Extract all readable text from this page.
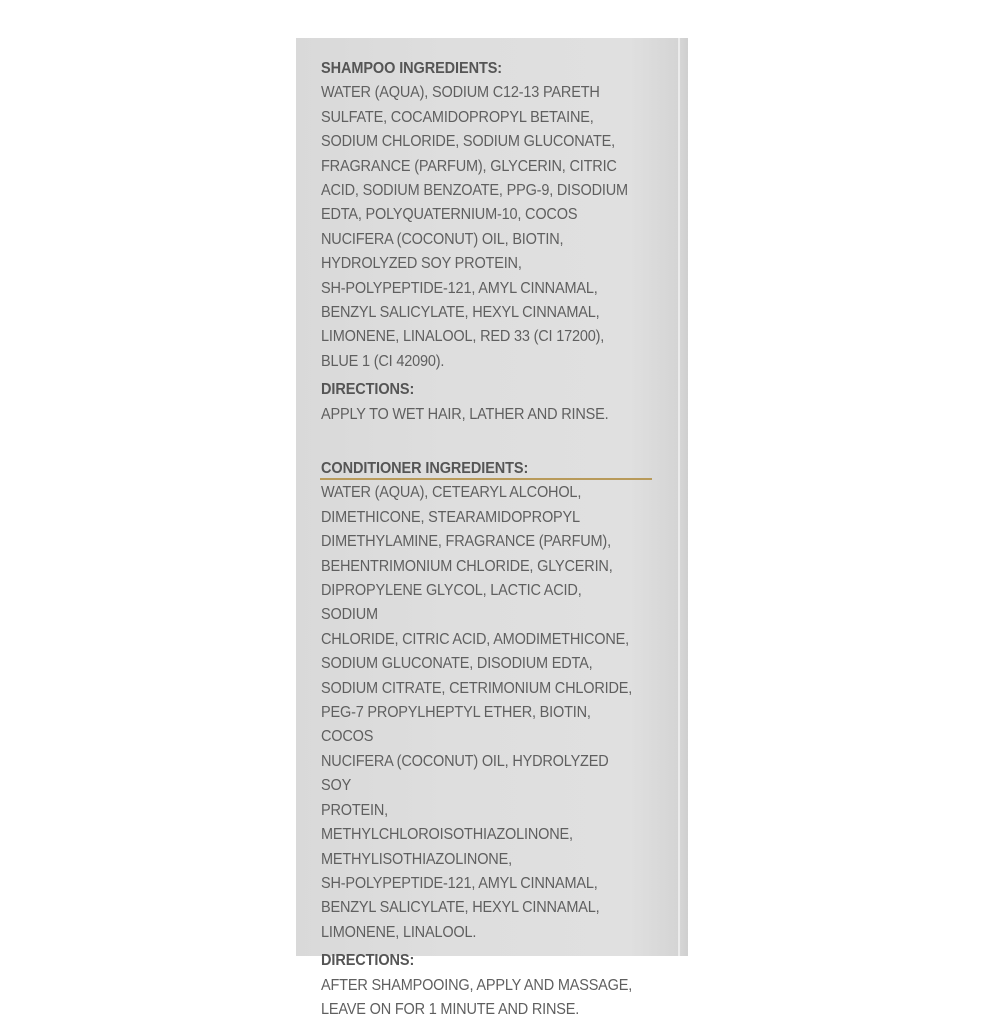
SHAMPOO INGREDIENTS:
WATER (AQUA), SODIUM C12-13 PARETH
SULFATE, COCAMIDOPROPYL BETAINE,
SODIUM CHLORIDE, SODIUM GLUCONATE,
FRAGRANCE (PARFUM), GLYCERIN, CITRIC
ACID, SODIUM BENZOATE, PPG-9, DISODIUM
EDTA, POLYQUATERNIUM-10, COCOS
NUCIFERA (COCONUT) OIL, BIOTIN,
HYDROLYZED SOY PROTEIN,
SH-POLYPEPTIDE-121, AMYL CINNAMAL,
BENZYL SALICYLATE, HEXYL CINNAMAL,
LIMONENE, LINALOOL, RED 33 (CI 17200),
BLUE 1 (CI 42090).
DIRECTIONS:
APPLY TO WET HAIR, LATHER AND RINSE.
CONDITIONER INGREDIENTS:
WATER (AQUA), CETEARYL ALCOHOL,
DIMETHICONE, STEARAMIDOPROPYL
DIMETHYLAMINE, FRAGRANCE (PARFUM),
BEHENTRIMONIUM CHLORIDE, GLYCERIN,
DIPROPYLENE GLYCOL, LACTIC ACID, SODIUM
CHLORIDE, CITRIC ACID, AMODIMETHICONE,
SODIUM GLUCONATE, DISODIUM EDTA,
SODIUM CITRATE, CETRIMONIUM CHLORIDE,
PEG-7 PROPYLHEPTYL ETHER, BIOTIN, COCOS
NUCIFERA (COCONUT) OIL, HYDROLYZED SOY
PROTEIN, METHYLCHLOROISOTHIAZOLINONE,
METHYLISOTHIAZOLINONE,
SH-POLYPEPTIDE-121, AMYL CINNAMAL,
BENZYL SALICYLATE, HEXYL CINNAMAL,
LIMONENE, LINALOOL.
DIRECTIONS:
AFTER SHAMPOOING, APPLY AND MASSAGE,
LEAVE ON FOR 1 MINUTE AND RINSE.
